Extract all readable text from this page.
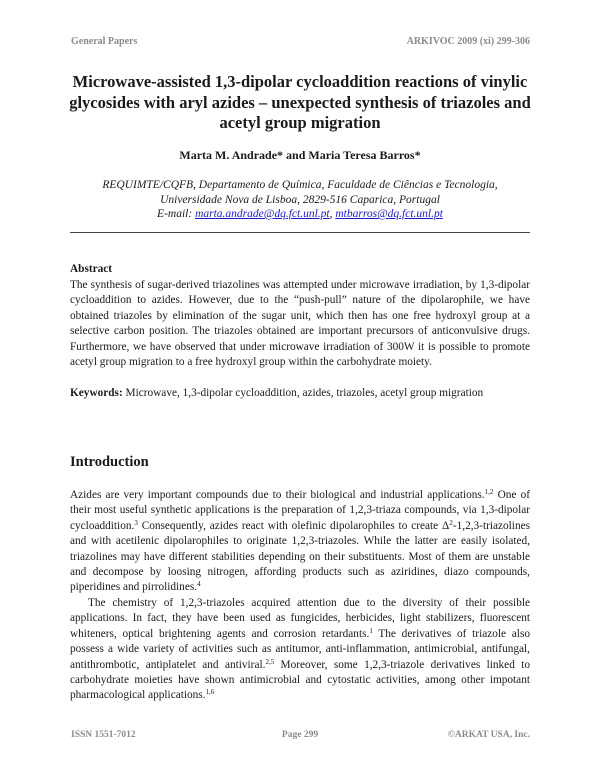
General Papers	ARKIVOC 2009 (xi) 299-306
Microwave-assisted 1,3-dipolar cycloaddition reactions of vinylic glycosides with aryl azides – unexpected synthesis of triazoles and acetyl group migration
Marta M. Andrade* and Maria Teresa Barros*
REQUIMTE/CQFB, Departamento de Química, Faculdade de Ciências e Tecnologia,
Universidade Nova de Lisboa, 2829-516 Caparica, Portugal
E-mail: marta.andrade@dq.fct.unl.pt, mtbarros@dq.fct.unl.pt
Abstract
The synthesis of sugar-derived triazolines was attempted under microwave irradiation, by 1,3-dipolar cycloaddition to azides. However, due to the “push-pull” nature of the dipolarophile, we have obtained triazoles by elimination of the sugar unit, which then has one free hydroxyl group at a selective carbon position. The triazoles obtained are important precursors of anticonvulsive drugs. Furthermore, we have observed that under microwave irradiation of 300W it is possible to promote acetyl group migration to a free hydroxyl group within the carbohydrate moiety.
Keywords: Microwave, 1,3-dipolar cycloaddition, azides, triazoles, acetyl group migration
Introduction
Azides are very important compounds due to their biological and industrial applications.$^{1,2}$ One of their most useful synthetic applications is the preparation of 1,2,3-triaza compounds, via 1,3-dipolar cycloaddition.$^3$ Consequently, azides react with olefinic dipolarophiles to create $\Delta^2-1,2,3$-triazolines and with acetilenic dipolarophiles to originate 1,2,3-triazoles. While the latter are easily isolated, triazolines may have different stabilities depending on their substituents. Most of them are unstable and decompose by loosing nitrogen, affording products such as aziridines, diazo compounds, piperidines and pirrolidines.$^4$
The chemistry of 1,2,3-triazoles acquired attention due to the diversity of their possible applications. In fact, they have been used as fungicides, herbicides, light stabilizers, fluorescent whiteners, optical brightening agents and corrosion retardants.$^1$ The derivatives of triazole also possess a wide variety of activities such as antitumor, anti-inflammation, antimicrobial, antifungal, antithrombotic, antiplatelet and antiviral.$^{2,5}$ Moreover, some 1,2,3-triazole derivatives linked to carbohydrate moieties have shown antimicrobial and cytostatic activities, among other impotant pharmacological applications.$^{1,6}$
ISSN 1551-7012	Page 299	©ARKAT USA, Inc.
